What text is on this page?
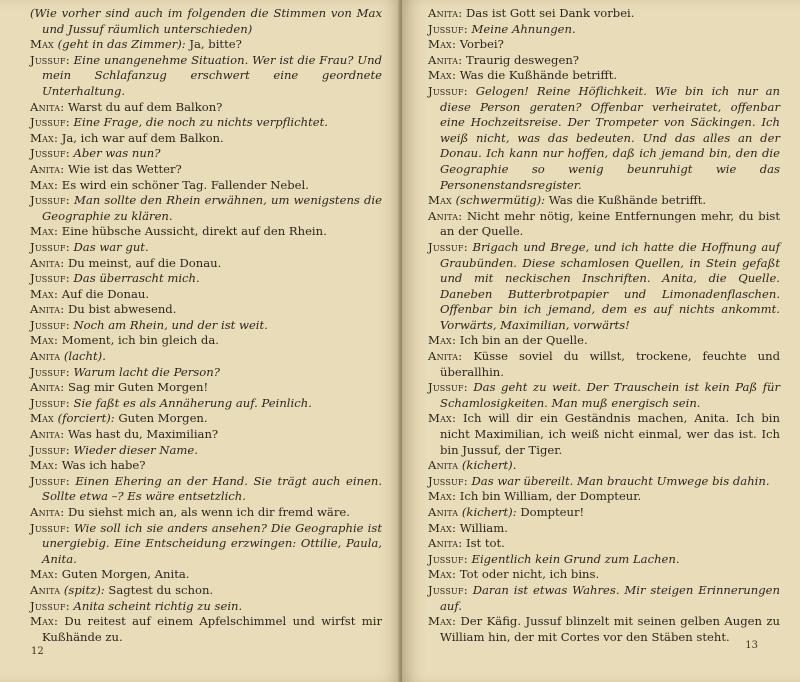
(Wie vorher sind auch im folgenden die Stimmen von Max und Jussuf räumlich unterschieden)

Max (geht in das Zimmer): Ja, bitte?

Jussuf: Eine unangenehme Situation. Wer ist die Frau? Und mein Schlafanzug erschwert eine geordnete Unterhaltung.

Anita: Warst du auf dem Balkon?

Jussuf: Eine Frage, die noch zu nichts verpflichtet.

Max: Ja, ich war auf dem Balkon.

Jussuf: Aber was nun?

Anita: Wie ist das Wetter?

Max: Es wird ein schöner Tag. Fallender Nebel.

Jussuf: Man sollte den Rhein erwähnen, um wenigstens die Geographie zu klären.

Max: Eine hübsche Aussicht, direkt auf den Rhein.

Jussuf: Das war gut.

Anita: Du meinst, auf die Donau.

Jussuf: Das überrascht mich.

Max: Auf die Donau.

Anita: Du bist abwesend.

Jussuf: Noch am Rhein, und der ist weit.

Max: Moment, ich bin gleich da.

Anita (lacht).

Jussuf: Warum lacht die Person?

Anita: Sag mir Guten Morgen!

Jussuf: Sie faßt es als Annäherung auf. Peinlich.

Max (forciert): Guten Morgen.

Anita: Was hast du, Maximilian?

Jussuf: Wieder dieser Name.

Max: Was ich habe?

Jussuf: Einen Ehering an der Hand. Sie trägt auch einen. Sollte etwa –? Es wäre entsetzlich.

Anita: Du siehst mich an, als wenn ich dir fremd wäre.

Jussuf: Wie soll ich sie anders ansehen? Die Geographie ist unergiebig. Eine Entscheidung erzwingen: Ottilie, Paula, Anita.

Max: Guten Morgen, Anita.

Anita (spitz): Sagtest du schon.

Jussuf: Anita scheint richtig zu sein.

Max: Du reitest auf einem Apfelschimmel und wirfst mir Kußhände zu.

12

Anita: Das ist Gott sei Dank vorbei.

Jussuf: Meine Ahnungen.

Max: Vorbei?

Anita: Traurig deswegen?

Max: Was die Kußhände betrifft.

Jussuf: Gelogen! Reine Höflichkeit. Wie bin ich nur an diese Person geraten? Offenbar verheiratet, offenbar eine Hochzeitsreise. Der Trompeter von Säckingen. Ich weiß nicht, was das bedeuten. Und das alles an der Donau. Ich kann nur hoffen, daß ich jemand bin, den die Geographie so wenig beunruhigt wie das Personenstandsregister.

Max (schwermütig): Was die Kußhände betrifft.

Anita: Nicht mehr nötig, keine Entfernungen mehr, du bist an der Quelle.

Jussuf: Brigach und Brege, und ich hatte die Hoffnung auf Graubünden. Diese schamlosen Quellen, in Stein gefaßt und mit neckischen Inschriften. Anita, die Quelle. Daneben Butterbrotpapier und Limonadenflaschen. Offenbar bin ich jemand, dem es auf nichts ankommt. Vorwärts, Maximilian, vorwärts!

Max: Ich bin an der Quelle.

Anita: Küsse soviel du willst, trockene, feuchte und überallhin.

Jussuf: Das geht zu weit. Der Trauschein ist kein Paß für Schamlosigkeiten. Man muß energisch sein.

Max: Ich will dir ein Geständnis machen, Anita. Ich bin nicht Maximilian, ich weiß nicht einmal, wer das ist. Ich bin Jussuf, der Tiger.

Anita (kichert).

Jussuf: Das war übereilt. Man braucht Umwege bis dahin.

Max: Ich bin William, der Dompteur.

Anita (kichert): Dompteur!

Max: William.

Anita: Ist tot.

Jussuf: Eigentlich kein Grund zum Lachen.

Max: Tot oder nicht, ich bins.

Jussuf: Daran ist etwas Wahres. Mir steigen Erinnerungen auf.

Max: Der Käfig. Jussuf blinzelt mit seinen gelben Augen zu William hin, der mit Cortes vor den Stäben steht.

13
